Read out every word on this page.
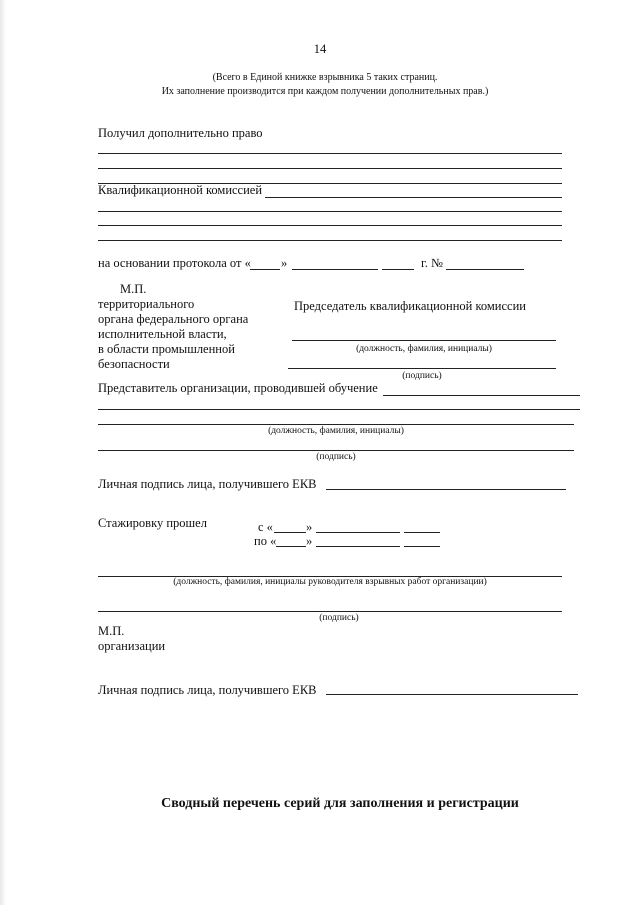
14
(Всего в Единой книжке взрывника 5 таких страниц.
Их заполнение производится при каждом получении дополнительных прав.)
Получил дополнительно право
Квалификационной комиссией
на основании протокола от « »	г. №
М.П.
территориального
органа федерального органа
исполнительной власти,
в области промышленной
безопасности
Председатель квалификационной комиссии
(должность, фамилия, инициалы)
(подпись)
Представитель организации, проводившей обучение
(должность, фамилия, инициалы)
(подпись)
Личная подпись лица, получившего ЕКВ
Стажировку прошел	с «	»
по « »
(должность, фамилия, инициалы руководителя взрывных работ организации)
(подпись)
М.П.
организации
Личная подпись лица, получившего ЕКВ
Сводный перечень серий для заполнения и регистрации
